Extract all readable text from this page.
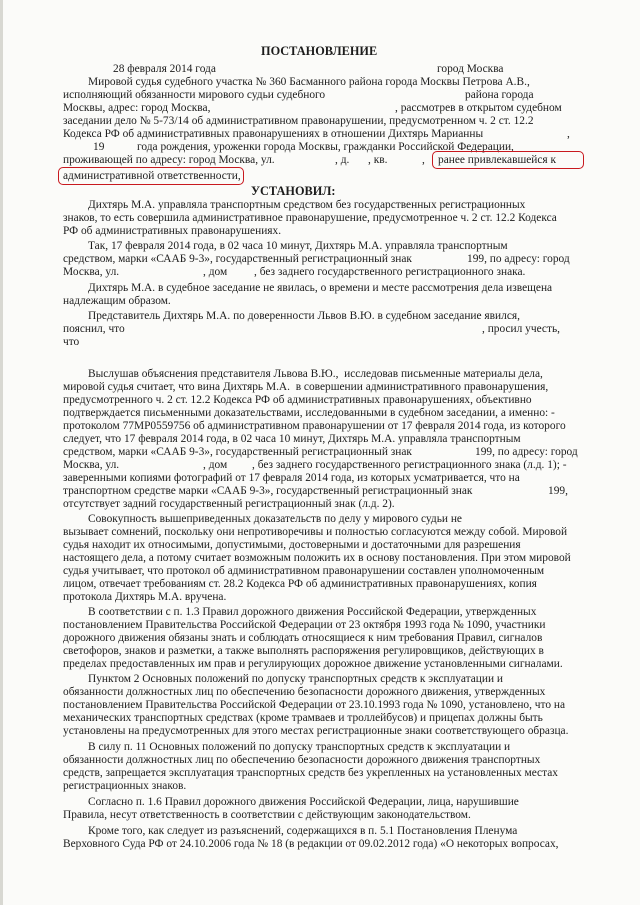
ПОСТАНОВЛЕНИЕ
28 февраля 2014 года	город Москва
Мировой судья судебного участка № 360 Басманного района города Москвы Петрова А.В.,
исполняющий обязанности мирового судьи судебного	района города
Москвы, адрес: город Москва,	, рассмотрев в открытом судебном
заседании дело № 5-73/14 об административном правонарушении, предусмотренном ч. 2 ст. 12.2
Кодекса РФ об административных правонарушениях в отношении Дихтярь Марианны	,
19	года рождения, уроженки города Москвы, гражданки Российской Федерации,
проживающей по адресу: город Москва, ул.	, д. , кв.	, ранее привлекавшейся к
административной ответственности,
УСТАНОВИЛ:
Дихтярь М.А. управляла транспортным средством без государственных регистрационных
знаков, то есть совершила административное правонарушение, предусмотренное ч. 2 ст. 12.2 Кодекса
РФ об административных правонарушениях.
Так, 17 февраля 2014 года, в 02 часа 10 минут, Дихтярь М.А. управляла транспортным
средством, марки «СААБ 9-3», государственный регистрационный знак	199, по адресу: город
Москва, ул.	, дом , без заднего государственного регистрационного знака.
Дихтярь М.А. в судебное заседание не явилась, о времени и месте рассмотрения дела извещена
надлежащим образом.
Представитель Дихтярь М.А. по доверенности Львов В.Ю. в судебном заседание явился,
пояснил, что	, просил учесть,
что
Выслушав объяснения представителя Львова В.Ю.,  исследовав письменные материалы дела,
мировой судья считает, что вина Дихтярь М.А.  в совершении административного правонарушения,
предусмотренного ч. 2 ст. 12.2 Кодекса РФ об административных правонарушениях, объективно
подтверждается письменными доказательствами, исследованными в судебном заседании, а именно: -
протоколом 77МР0559756 об административном правонарушении от 17 февраля 2014 года, из которого
следует, что 17 февраля 2014 года, в 02 часа 10 минут, Дихтярь М.А. управляла транспортным
средством, марки «СААБ 9-3», государственный регистрационный знак	199, по адресу: город
Москва, ул.	, дом , без заднего государственного регистрационного знака (л.д. 1); -
заверенными копиями фотографий от 17 февраля 2014 года, из которых усматривается, что на
транспортном средстве марки «СААБ 9-3», государственный регистрационный знак	199,
отсутствует задний государственный регистрационный знак (л.д. 2).
Совокупность вышеприведенных доказательств по делу у мирового судьи не
вызывает сомнений, поскольку они непротиворечивы и полностью согласуются между собой. Мировой
судья находит их относимыми, допустимыми, достоверными и достаточными для разрешения
настоящего дела, а потому считает возможным положить их в основу постановления. При этом мировой
судья учитывает, что протокол об административном правонарушении составлен уполномоченным
лицом, отвечает требованиям ст. 28.2 Кодекса РФ об административных правонарушениях, копия
протокола Дихтярь М.А. вручена.
В соответствии с п. 1.3 Правил дорожного движения Российской Федерации, утвержденных
постановлением Правительства Российской Федерации от 23 октября 1993 года № 1090, участники
дорожного движения обязаны знать и соблюдать относящиеся к ним требования Правил, сигналов
светофоров, знаков и разметки, а также выполнять распоряжения регулировщиков, действующих в
пределах предоставленных им прав и регулирующих дорожное движение установленными сигналами.
Пунктом 2 Основных положений по допуску транспортных средств к эксплуатации и
обязанности должностных лиц по обеспечению безопасности дорожного движения, утвержденных
постановлением Правительства Российской Федерации от 23.10.1993 года № 1090, установлено, что на
механических транспортных средствах (кроме трамваев и троллейбусов) и прицепах должны быть
установлены на предусмотренных для этого местах регистрационные знаки соответствующего образца.
В силу п. 11 Основных положений по допуску транспортных средств к эксплуатации и
обязанности должностных лиц по обеспечению безопасности дорожного движения транспортных
средств, запрещается эксплуатация транспортных средств без укрепленных на установленных местах
регистрационных знаков.
Согласно п. 1.6 Правил дорожного движения Российской Федерации, лица, нарушившие
Правила, несут ответственность в соответствии с действующим законодательством.
Кроме того, как следует из разъяснений, содержащихся в п. 5.1 Постановления Пленума
Верховного Суда РФ от 24.10.2006 года № 18 (в редакции от 09.02.2012 года) «О некоторых вопросах,
